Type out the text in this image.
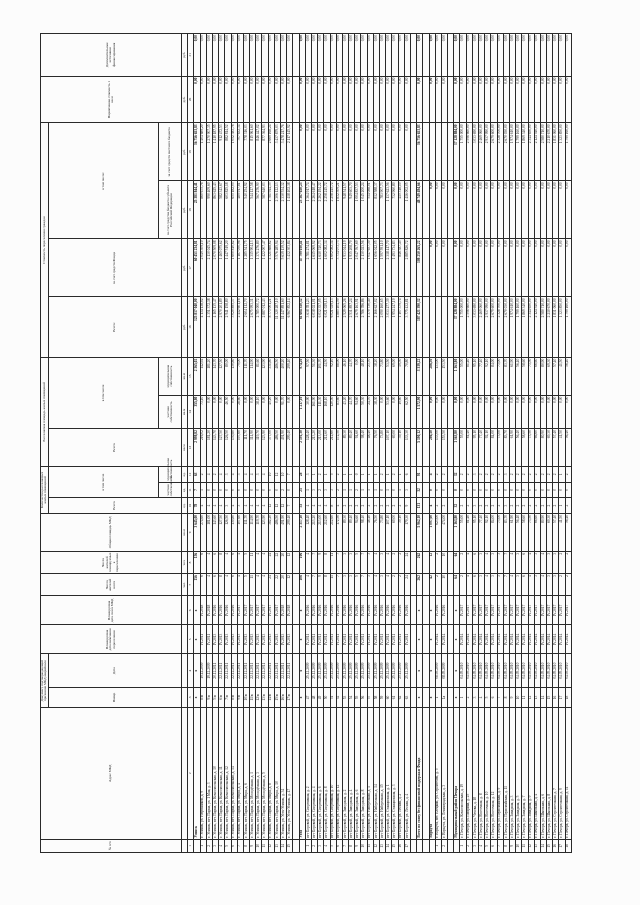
№ п/п	Адрес МКД	Документ, подтверждающий признание МКД аварийным		Планируемая дата окончания переселения	Планируемая дата сноса МКД	Число жителей всего	Число жителей планируемых к переселению	Общая площадь МКД	Количество расселяемых жилых помещений			Расселяемая площадь жилых помещений			Стоимость переселения граждан				Нормативная стоимость 1 кв.м	Дополнительные источники финансирования
		Номер	Дата						Всего	в том числе		Всего	в том числе		Всего:	за счет средств Фонда	в том числе:			
										частная собственность	муниципальная собственность		частная собственность	муниципальная собственность			за счет средства бюджета субъекта Российской Федерации	за счет средств местного бюджета		
						чел.	чел.	кв.м	ед.	ед.	ед.	кв.м	кв.м	кв.м	руб.	руб.	руб.	руб.	руб.	руб.
1	2	3	4	5	6	7	8	9	10	11	12	13	14	15	16	17	18	19	20	21
	Усинск	x	x	x	x	156	156	3 645,00	78	7	63	2 998,82	355,80	2 365,02	125 817 040,00	60 451 234,81	25 381 844,41	36 756 653,83	0,00	0,00
1	г. Усинск, ул. Нефтяников, д. 9	8/в	19.12.2009	IV.2011	IV.2018	6	6	274,60	4	1	2	216,02	73,10	142,92	4 134 138,02	2 049 309,10	860 675,76	1 404 689,20	0,00	0,00
2	г. Усинск, пгт. Парма, ул. 1 Мая, д. 3	9/в	19.12.2009	IV.2011	IV.2018	4	4	181,00	4	0	4	181,20	0,00	181,20	4 351 372,38	2 130 045,74	990 409,60	1 270 907,35	0,00	0,00
3	г. Усинск, пгт. Парма, ул. Комсомольская, д. 10	5/в	20.12.2011	IV.2013	IV.2016	6	6	143,60	4	0	2	143,70	0,00	143,70	4 165 135,47	2 070 509,08	863 625,43	1 410 187,95	0,00	0,00
4	г. Усинск, пгт. Парма, ул. Комсомольская, д. 11	6/в	22.12.2011	IV.2013	IV.2016	8	8	127,50	4	0	4	127,50	0,00	127,50	2 970 201,89	1 465 075,62	582 343,67	912 472,53	0,00	0,00
5	г. Усинск, пгт. Парма, ул. Комсомольская, д. 12	7/в	22.12.2011	IV.2013	IV.2016	4	4	126,50	3	0	3	126,50	46,50	80,00	2 941 158,80	1 447 519,20	603 825,18	882 814,52	0,00	0,00
6	г. Усинск, пгт. Парма, ул. Комсомольская, д. 14	8/в	22.12.2011	IV.2013	IV.2016	6	6	130,80	4	0	4	130,80	0,00	130,80	3 020 895,37	1 600 810,62	655 182,05	1 052 383,78	0,00	0,00
7	г. Усинск, пгт. Парма, ул. Мира, д. 4	9/в	22.12.2011	IV.2013	IV.2017	4	4	107,60	3	0	3	107,60	28,60	79,00	2 412 601,16	1 187 050,96	489 917,81	707 632,34	0,00	0,00
8	г. Усинск, пгт. Парма, ул. Мира, д. 6	10/в	22.12.2011	IV.2013	IV.2017	5	5	111,70	4	0	4	111,70	0,00	111,70	2 604 112,70	1 285 541,75	540 254,92	778 316,03	0,00	0,00
9	г. Усинск, пгт. Парма, ул. Молодёжная, д. 1	11/в	22.12.2011	IV.2013	IV.2017	11	11	114,90	4	0	4	114,90	0,00	114,90	2 675 993,31	1 315 904,13	544 127,58	815 961,60	0,00	0,00
10	г. Усинск, пгт. Парма, ул. Молодёжная, д. 3	12/в	22.12.2011	IV.2013	IV.2017	4	4	119,70	4	0	3	119,70	38,10	81,60	2 785 000,72	1 371 276,80	567 276,90	846 447,02	0,00	0,00
11	г. Усинск, пгт. Парма, ул. Молодёжная, д. 5	13/в	22.12.2011	IV.2013	IV.2017	4	4	123,90	4	0	4	123,90	0,00	123,90	2 887 012,43	1 422 007,47	587 640,03	877 364,93	0,00	0,00
12	г. Усинск, пгт. Парма, ул. Мира, д. 8	14/в	22.12.2011	IV.2013	IV.2017	24	24	382,20	12	0	10	377,00	45,20	331,80	8 773 001,21	4 321 888,62	1 781 944,35	2 669 168,24	0,00	0,00
13	г. Усинск, пгт. Парма, ул. Мира, д. 10	15/в	22.12.2011	IV.2013	IV.2017	22	22	486,50	12	0	12	486,50	0,00	486,50	11 320 287,10	5 576 285,94	2 306 122,13	3 437 879,03	0,00	0,00
14	г. Усинск, ул. Усть-Усинск, д. 34	16/в	22.12.2011	IV.2013	IV.2018	20	20	491,90	12	2	10	491,90	91,70	400,20	11 447 891,60	5 639 139,52	2 330 534,32	3 478 217,76	0,00	0,00
15	г. Усинск, ул. Усть-Усинск, д. 47	17/в	22.12.2011	IV.2013	IV.2018	12	12	299,40	7	0	7	299,40	0,00	299,40	6 967 852,14	3 432 303,84	1 418 402,38	2 117 145,92	0,00	0,00

	Ухта	x	x	x	x	106	106	2 317,10	53	25	28	2 191,30	1 217,10	974,20	61 604 350,32	47 799 030,41	23 367 650,25	0,00	0,00	0,00
1	пгт Боровой, ул. Спортивная, д. 2	47	25.12.2009	IV.2011	IV.2016	4	4	128,40	4	1	3	128,40	30,90	97,50	3 638 781,23	2 781 274,81	1 364 917,74	0,00	0,00	0,00
2	пгт Боровой, ул. Спортивная, д. 4	48	25.12.2009	IV.2011	IV.2016	7	7	213,20	4	3	1	213,20	161,90	51,30	6 038 021,01	4 615 069,92	2 264 618,47	0,00	0,00	0,00
3	пгт Боровой, ул. Спортивная, д. 6	49	25.12.2009	IV.2011	IV.2016	9	9	213,00	4	2	2	213,00	111,30	101,70	6 032 357,05	4 610 740,73	2 262 494,22	0,00	0,00	0,00
4	пгт Боровой, ул. Спортивная, д. 8	50	25.12.2009	IV.2011	IV.2016	8	8	212,60	4	3	1	212,60	168,10	44,50	6 021 029,13	4 602 082,34	2 258 245,72	0,00	0,00	0,00
5	пгт Боровой, ул. Спортивная, д. 10	51	25.12.2009	IV.2011	IV.2016	11	11	212,60	8	3	5	212,60	120,50	92,10	6 021 029,13	4 602 082,34	2 258 245,72	0,00	0,00	0,00
6	пгт Боровой, ул. Спортивная, д. 12	52	25.12.2009	IV.2011	IV.2016	7	7	172,50	4	2	2	172,50	83,60	88,90	4 885 404,59	3 734 073,73	1 832 309,21	0,00	0,00	0,00
7	пгт Боровой, ул. Заводская, д. 2	53	25.12.2009	IV.2011	IV.2016	3	3	89,30	2	1	1	89,30	43,20	46,10	2 529 065,26	1 933 044,19	948 541,57	0,00	0,00	0,00
8	пгт Боровой, ул. Заводская, д. 4	54	25.12.2009	IV.2011	IV.2016	3	3	89,40	2	1	1	89,40	44,70	44,70	2 531 897,24	1 935 208,79	949 603,70	0,00	0,00	0,00
9	пгт Боровой, ул. Заводская, д. 6	55	25.12.2009	IV.2011	IV.2016	5	5	94,60	2	2	0	94,60	94,60	0,00	2 679 163,91	2 047 767,69	1 004 837,53	0,00	0,00	0,00
10	пгт Боровой, ул. Заводская, д. 8	56	25.12.2009	IV.2011	IV.2016	7	7	98,40	2	1	1	98,40	50,30	48,10	2 786 786,86	2 130 023,56	1 045 200,24	0,00	0,00	0,00
11	пгт Боровой, ул. Набережная, д. 1	57	25.12.2009	IV.2011	IV.2016	3	3	48,40	2	1	1	48,40	24,70	23,70	1 370 730,40	1 047 657,30	514 088,01	0,00	0,00	0,00
12	пгт Боровой, ул. Набережная, д. 14	58	25.12.2009	IV.2011	IV.2016	4	4	76,50	2	1	1	76,50	38,30	38,20	2 166 627,02	1 656 042,05	812 588,37	0,00	0,00	0,00
13	пгт Боровой, ул. Набережная, д. 15	59	25.12.2009	IV.2011	IV.2016	3	3	73,80	2	0	2	73,80	0,00	73,80	2 090 160,65	1 597 591,10	783 907,73	0,00	0,00	0,00
14	пгт Боровой, ул. Станционная, д. 1	60	25.12.2009	IV.2011	IV.2016	4	4	107,10	2	1	1	107,10	53,60	53,50	3 033 277,39	2 318 417,70	1 137 623,56	0,00	0,00	0,00
15	пгт Боровой, ул. Станционная, д. 3	61	25.12.2009	IV.2011	IV.2016	2	2	69,00	2	0	2	69,00	0,00	69,00	1 954 247,19	1 493 734,83	732 960,80	0,00	0,00	0,00
16	пгт Боровой, ул. Лесная, д. 2	62	25.12.2009	IV.2011	IV.2016	2	2	39,10	2	1	1	39,10	19,60	19,50	1 107 379,74	846 387,45	415 318,10	0,00	0,00	0,00
17	пгт Боровой, ул. Лесная, д. 4	63	25.12.2009	IV.2011	IV.2016	24	24	179,30	9	3	6	133,30	62,50	70,80	3 775 432,81	2 885 826,72	1 416 002,05	0,00	0,00	0,00

	Всего по этапу без финансовой поддержки Фонда	x	x	x	x	262	262	5 962,10	131	32	91	5 190,12	1 572,90	3 339,22	187 421 390,32	108 250 265,22	48 749 494,66	36 756 653,83	0,00	0,00

	Воркута	x	x	x	x	42	12	1 097,00	4	0	4	286,50	0,00	286,50		0,00	0,00		0,00	0,00
1	г. Воркута, пгт. Елецкий, ул. Строителей, д. 5	1	08.05.2009	IV.2014	IV.2016	2	2	623,00	2	0	2	133,00	0,00	133,00		0,00	0,00		0,00	0,00
2	г. Воркута, ул. Ленинградская, д. 3	1а	08.05.2009	IV.2014	IV.2016	10	10	474,00	2	0	2	153,50	0,00	153,50		0,00	0,00		0,00	0,00

	Муниципальный район Печора	x	x	x	x	64	64	1 163,80	32	0	32	1 163,80	0,00	1 163,80	37 128 884,00	0,00	0,00	37 128 884,00	0,00	0,00
1	г. Печора, ул. Комсомольская, д. 19	1	04.05.2010	IV.2014	IV.2017	2	2	55,00	2	0	2	55,00	0,00	55,00	1 755 000,00	0,00	0,00	1 755 000,00	0,00	0,00
2	г. Печора, ул. Гагарина, д. 25	2	04.05.2010	IV.2014	IV.2017	4	4	81,40	2	0	2	81,40	0,00	81,40	2 596 660,00	0,00	0,00	2 596 660,00	0,00	0,00
3	г. Печора, ул. Чехова, д. 18	3	04.05.2010	IV.2014	IV.2017	6	6	95,10	3	0	3	95,10	0,00	95,10	3 033 690,00	0,00	0,00	3 033 690,00	0,00	0,00
4	г. Печора, ул. Восточная, д. 8	4	04.05.2010	IV.2014	IV.2017	3	3	77,40	2	0	2	77,40	0,00	77,40	2 469 060,00	0,00	0,00	2 469 060,00	0,00	0,00
5	г. Печора, ул. Восточная, д. 10	5	04.05.2010	IV.2014	IV.2017	4	4	92,10	2	0	2	92,10	0,00	92,10	2 937 990,00	0,00	0,00	2 937 990,00	0,00	0,00
6	г. Печора, ул. Восточная, д. 12	6	04.05.2010	IV.2014	IV.2017	3	3	84,00	2	0	2	84,00	0,00	84,00	2 679 600,00	0,00	0,00	2 679 600,00	0,00	0,00
7	г. Печора, ул. Первомайская, д. 9	7	04.05.2010	IV.2014	IV.2017	3	3	73,00	2	0	2	73,00	0,00	73,00	2 328 700,00	0,00	0,00	2 328 700,00	0,00	0,00
8	г. Печора, ул. Первомайская, д. 11	8	04.05.2010	IV.2014	IV.2017	7	7	83,70	3	0	3	83,70	0,00	83,70	2 670 030,00	0,00	0,00	2 670 030,00	0,00	0,00
9	г. Печора, ул. Западная, д. 3	9	04.05.2010	IV.2014	IV.2017	4	4	61,90	2	0	2	61,90	0,00	61,90	1 974 610,00	0,00	0,00	1 974 610,00	0,00	0,00
10	г. Печора, ул. Западная, д. 5	10	04.05.2010	IV.2014	IV.2017	3	3	56,40	2	0	2	56,40	0,00	56,40	1 799 160,00	0,00	0,00	1 799 160,00	0,00	0,00
11	г. Печора, ул. Западная, д. 7	11	04.05.2010	IV.2014	IV.2017	6	6	58,60	2	0	2	58,60	0,00	58,60	1 869 340,00	0,00	0,00	1 869 340,00	0,00	0,00
12	г. Печора, ул. Западная, д. 9	12	04.05.2010	IV.2014	IV.2017	4	4	73,50	2	0	2	73,50	0,00	73,50	2 344 650,00	0,00	0,00	2 344 650,00	0,00	0,00
13	г. Печора, ул. Школьная, д. 4	13	04.05.2010	IV.2014	IV.2017	3	3	66,60	2	0	2	66,60	0,00	66,60	2 124 540,00	0,00	0,00	2 124 540,00	0,00	0,00
14	г. Печора, ул. Школьная, д. 6	14	04.05.2010	IV.2014	IV.2017	4	4	80,90	2	0	2	80,90	0,00	80,90	2 580 710,00	0,00	0,00	2 580 710,00	0,00	0,00
15	г. Печора, ул. Школьная, д. 8	15	04.05.2010	IV.2014	IV.2017	3	3	69,30	2	0	2	69,30	0,00	69,30	2 210 670,00	0,00	0,00	2 210 670,00	0,00	0,00
16	г. Печора, ул. Строительная, д. 7	16	04.05.2010	IV.2014	IV.2017	3	3	57,40	2	0	2	57,40	0,00	57,40	1 831 060,00	0,00	0,00	1 831 060,00	0,00	0,00
17	г. Печора, ул. Строительная, д. 9	17	04.05.2010	IV.2014	IV.2017	2	2	41,50	1	0	1	41,50	0,00	41,50	1 323 850,00	0,00	0,00	1 323 850,00	0,00	0,00
18	г. Печора, ул. Строительная, д. 11	18	04.05.2010	IV.2014	IV.2017	2	2	56,40	2	0	2	56,40	0,00	56,40	1 799 160,00	0,00	0,00	1 799 160,00	0,00	0,00
